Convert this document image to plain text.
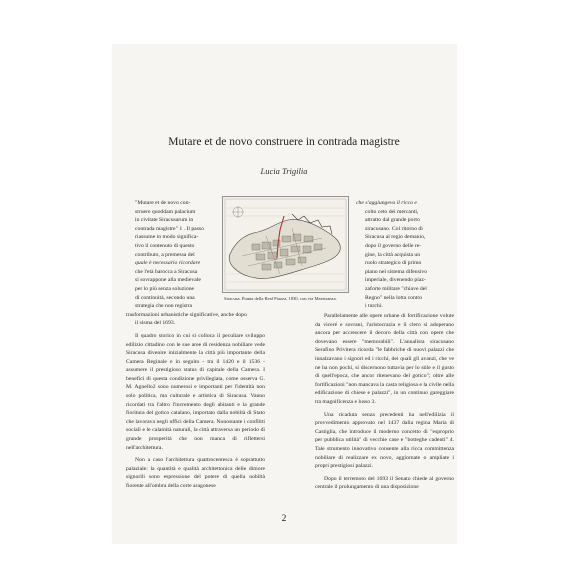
Mutare et de novo construere in contrada magistre
Lucia Trigilia

"Mutare et de novo con-

struere quoddam palacium

in civitate Siracusarum in

contrada magistre" 1 . Il passo

riassume in modo significa-

tivo il contenuto di questo

contributo, a premessa del

quale è necessario ricordare

che l'età barocca a Siracusa

si sovrappone alla medievale

per lo più senza soluzione

di continuità, secondo una

strategia che non registra

trasformazioni urbanistiche significative, anche dopo

il sisma del 1693.

Il quadro storico in cui si colloca il peculiare sviluppo edilizio cittadino con le sue aree di residenza nobiliare vede Siracusa divenire inizialmente la città più importante della Camera Reginale e in seguito - tra il 1420 e il 1536 - assumere il prestigioso status di capitale della Camera. I benefici di questa condizione privilegiata, come osserva G. M. Agnello2 sono numerosi e importanti per l'identità non solo politica, ma culturale e artistica di Siracusa. Vanno ricordati tra l'altro l'incremento degli abitanti e la grande fioritura del gotico catalano, importato dalla nobiltà di Stato che lavorava negli uffici della Camera. Nonostante i conflitti sociali e le calamità naturali, la città attraversa un periodo di grande prosperità che non manca di riflettersi nell'architettura.

Non a caso l'architettura quattrocentesca è soprattutto palaziale: la quantità e qualità architettonica delle dimore signorili sono espressione del potere di quella nobiltà fiorente all'ombra della corte aragonese

Siracusa. Pianta della Real Piazza, 1830, con via Maestranza.

che s'aggiungeva il ricco e

colto ceto dei mercanti,

attratto dal grande porto

siracusano. Col ritorno di

Siracusa al regio demanio,

dopo il governo delle re-

gine, la città acquista un

ruolo strategico di primo

piano nel sistema difensivo

imperiale, divenendo piaz-

zaforte militare "chiave del

Regno" nella lotta contro

i turchi.

Parallelamente alle opere urbane di fortificazione volute da viceré e sovrani, l'aristocrazia e il clero si adoperano ancora per accrescere il decoro della città con opere che dovevano essere "memorabili". L'annalista siracusano Serafino Privitera ricorda "le fabbriche di nuovi palazzi che innalzavano i signori ed i ricchi, dei quali gli avanzi, che ve ne ha non pochi, si discernono tuttavia per lo stile e il gusto di quell'epoca, che ancor ritenevano del gotico"; oltre alle fortificazioni "non mancava la casta religiosa e la civile nella edificazione di chiese e palazzi", in un continuo gareggiare tra magnificenza e lusso 3.

Una ricaduta senza precedenti ha nell'edilizia il provvedimento approvato nel 1437 dalla regina Maria di Castiglia, che introduce il moderno concetto di "esproprio per pubblica utilità" di vecchie case e "botteghe cadenti" 4. Tale strumento innovativo consente alla ricca committenza nobiliare di realizzare ex novo, aggiornate o ampliate i propri prestigiosi palazzi.

Dopo il terremoto del 1693 il Senato chiede al governo centrale il prolungamento di una disposizione

2
